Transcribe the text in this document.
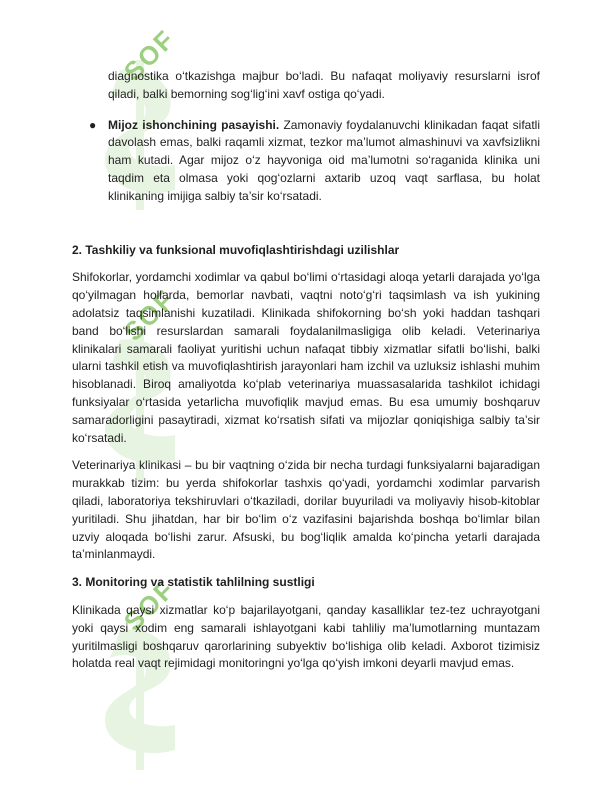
SOF
SOF
SOF

diagnostika o‘tkazishga majbur bo‘ladi. Bu nafaqat moliyaviy resurslarni isrof qiladi, balki bemorning sog‘lig‘ini xavf ostiga qo‘yadi.

● Mijoz ishonchining pasayishi. Zamonaviy foydalanuvchi klinikadan faqat sifatli davolash emas, balki raqamli xizmat, tezkor ma’lumot almashinuvi va xavfsizlikni ham kutadi. Agar mijoz o‘z hayvoniga oid ma’lumotni so‘raganida klinika uni taqdim eta olmasa yoki qog‘ozlarni axtarib uzoq vaqt sarflasa, bu holat klinikaning imijiga salbiy ta’sir ko‘rsatadi.

2. Tashkiliy va funksional muvofiqlashtirishdagi uzilishlar

Shifokorlar, yordamchi xodimlar va qabul bo‘limi o‘rtasidagi aloqa yetarli darajada yo‘lga qo‘yilmagan hollarda, bemorlar navbati, vaqtni noto‘g‘ri taqsimlash va ish yukining adolatsiz taqsimlanishi kuzatiladi. Klinikada shifokorning bo‘sh yoki haddan tashqari band bo‘lishi resurslardan samarali foydalanilmasligiga olib keladi. Veterinariya klinikalari samarali faoliyat yuritishi uchun nafaqat tibbiy xizmatlar sifatli bo‘lishi, balki ularni tashkil etish va muvofiqlashtirish jarayonlari ham izchil va uzluksiz ishlashi muhim hisoblanadi. Biroq amaliyotda ko‘plab veterinariya muassasalarida tashkilot ichidagi funksiyalar o‘rtasida yetarlicha muvofiqlik mavjud emas. Bu esa umumiy boshqaruv samaradorligini pasaytiradi, xizmat ko‘rsatish sifati va mijozlar qoniqishiga salbiy ta’sir ko‘rsatadi.

Veterinariya klinikasi – bu bir vaqtning o‘zida bir necha turdagi funksiyalarni bajaradigan murakkab tizim: bu yerda shifokorlar tashxis qo‘yadi, yordamchi xodimlar parvarish qiladi, laboratoriya tekshiruvlari o‘tkaziladi, dorilar buyuriladi va moliyaviy hisob-kitoblar yuritiladi. Shu jihatdan, har bir bo‘lim o‘z vazifasini bajarishda boshqa bo‘limlar bilan uzviy aloqada bo‘lishi zarur. Afsuski, bu bog‘liqlik amalda ko‘pincha yetarli darajada ta’minlanmaydi.

3. Monitoring va statistik tahlilning sustligi

Klinikada qaysi xizmatlar ko‘p bajarilayotgani, qanday kasalliklar tez-tez uchrayotgani yoki qaysi xodim eng samarali ishlayotgani kabi tahliliy ma’lumotlarning muntazam yuritilmasligi boshqaruv qarorlarining subyektiv bo‘lishiga olib keladi. Axborot tizimisiz holatda real vaqt rejimidagi monitoringni yo‘lga qo‘yish imkoni deyarli mavjud emas.
